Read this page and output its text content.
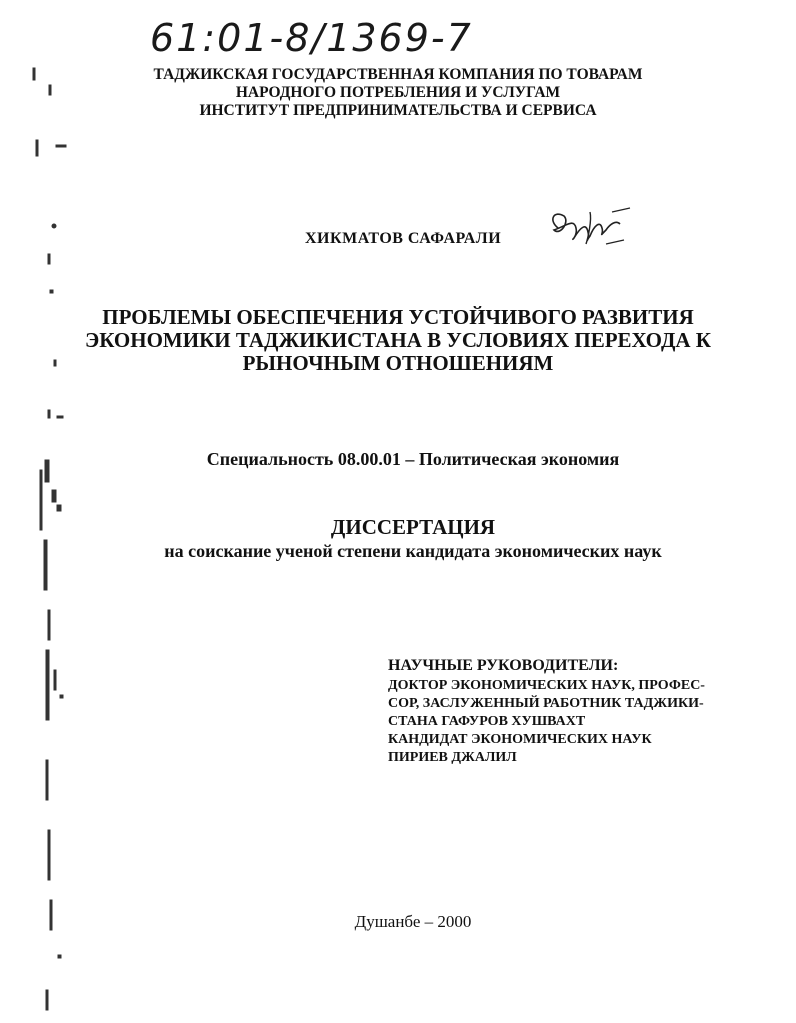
61:01-8/1369-7
ТАДЖИКСКАЯ ГОСУДАРСТВЕННАЯ КОМПАНИЯ ПО ТОВАРАМ
НАРОДНОГО ПОТРЕБЛЕНИЯ И УСЛУГАМ
ИНСТИТУТ ПРЕДПРИНИМАТЕЛЬСТВА И СЕРВИСА
ХИКМАТОВ САФАРАЛИ
ПРОБЛЕМЫ ОБЕСПЕЧЕНИЯ УСТОЙЧИВОГО РАЗВИТИЯ
ЭКОНОМИКИ ТАДЖИКИСТАНА В УСЛОВИЯХ ПЕРЕХОДА К
РЫНОЧНЫМ ОТНОШЕНИЯМ
Специальность 08.00.01 – Политическая экономия
ДИССЕРТАЦИЯ
на соискание ученой степени кандидата экономических наук
НАУЧНЫЕ РУКОВОДИТЕЛИ:
ДОКТОР ЭКОНОМИЧЕСКИХ НАУК, ПРОФЕС-
СОР, ЗАСЛУЖЕННЫЙ РАБОТНИК ТАДЖИКИ-
СТАНА ГАФУРОВ ХУШВАХТ
КАНДИДАТ ЭКОНОМИЧЕСКИХ НАУК
ПИРИЕВ ДЖАЛИЛ
Душанбе – 2000
